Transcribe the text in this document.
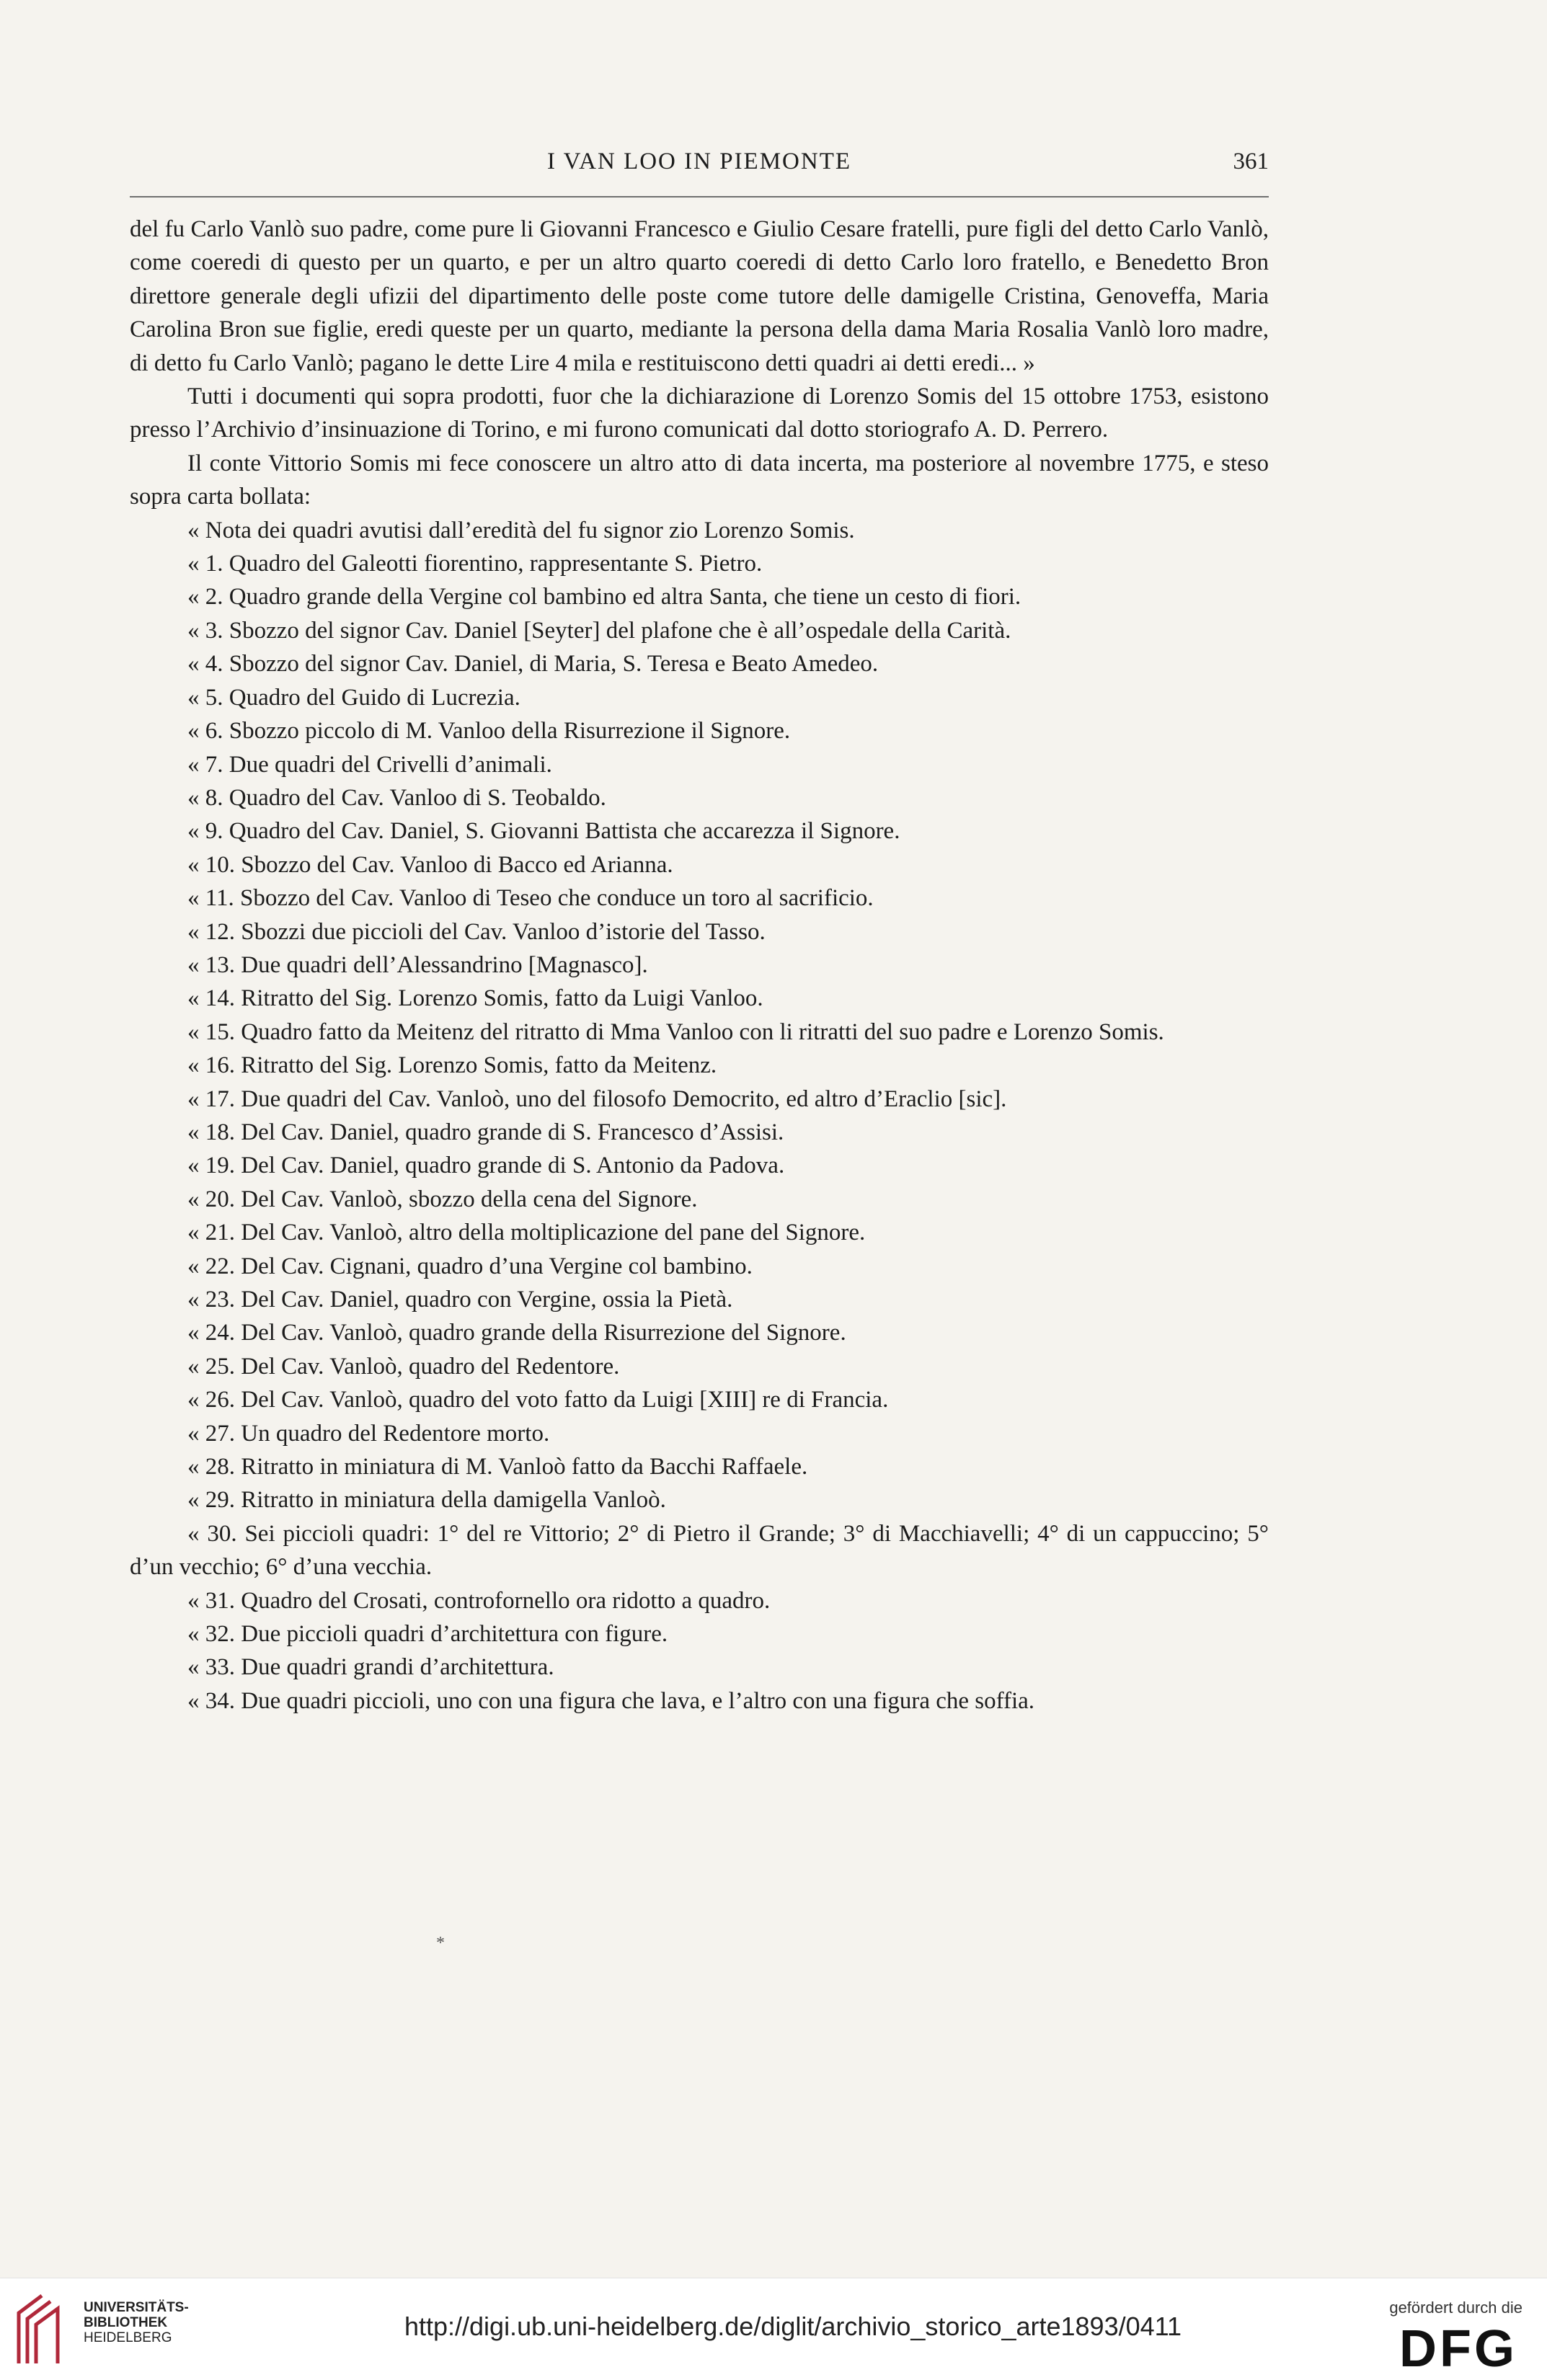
I VAN LOO IN PIEMONTE	361

del fu Carlo Vanlò suo padre, come pure li Giovanni Francesco e Giulio Cesare fratelli, pure figli del detto Carlo Vanlò, come coeredi di questo per un quarto, e per un altro quarto coeredi di detto Carlo loro fratello, e Benedetto Bron direttore generale degli ufizii del dipartimento delle poste come tutore delle damigelle Cristina, Genoveffa, Maria Carolina Bron sue figlie, eredi queste per un quarto, mediante la persona della dama Maria Rosalia Vanlò loro madre, di detto fu Carlo Vanlò; pagano le dette Lire 4 mila e restituiscono detti quadri ai detti eredi... »

Tutti i documenti qui sopra prodotti, fuor che la dichiarazione di Lorenzo Somis del 15 ottobre 1753, esistono presso l’Archivio d’insinuazione di Torino, e mi furono comunicati dal dotto storiografo A. D. Perrero.

Il conte Vittorio Somis mi fece conoscere un altro atto di data incerta, ma posteriore al novembre 1775, e steso sopra carta bollata:

« Nota dei quadri avutisi dall’eredità del fu signor zio Lorenzo Somis.

« 1. Quadro del Galeotti fiorentino, rappresentante S. Pietro.
« 2. Quadro grande della Vergine col bambino ed altra Santa, che tiene un cesto di fiori.
« 3. Sbozzo del signor Cav. Daniel [Seyter] del plafone che è all’ospedale della Carità.
« 4. Sbozzo del signor Cav. Daniel, di Maria, S. Teresa e Beato Amedeo.
« 5. Quadro del Guido di Lucrezia.
« 6. Sbozzo piccolo di M. Vanloo della Risurrezione il Signore.
« 7. Due quadri del Crivelli d’animali.
« 8. Quadro del Cav. Vanloo di S. Teobaldo.
« 9. Quadro del Cav. Daniel, S. Giovanni Battista che accarezza il Signore.
« 10. Sbozzo del Cav. Vanloo di Bacco ed Arianna.
« 11. Sbozzo del Cav. Vanloo di Teseo che conduce un toro al sacrificio.
« 12. Sbozzi due piccioli del Cav. Vanloo d’istorie del Tasso.
« 13. Due quadri dell’Alessandrino [Magnasco].
« 14. Ritratto del Sig. Lorenzo Somis, fatto da Luigi Vanloo.
« 15. Quadro fatto da Meitenz del ritratto di Mma Vanloo con li ritratti del suo padre e Lorenzo Somis.
« 16. Ritratto del Sig. Lorenzo Somis, fatto da Meitenz.
« 17. Due quadri del Cav. Vanloò, uno del filosofo Democrito, ed altro d’Eraclio [sic].
« 18. Del Cav. Daniel, quadro grande di S. Francesco d’Assisi.
« 19. Del Cav. Daniel, quadro grande di S. Antonio da Padova.
« 20. Del Cav. Vanloò, sbozzo della cena del Signore.
« 21. Del Cav. Vanloò, altro della moltiplicazione del pane del Signore.
« 22. Del Cav. Cignani, quadro d’una Vergine col bambino.
« 23. Del Cav. Daniel, quadro con Vergine, ossia la Pietà.
« 24. Del Cav. Vanloò, quadro grande della Risurrezione del Signore.
« 25. Del Cav. Vanloò, quadro del Redentore.
« 26. Del Cav. Vanloò, quadro del voto fatto da Luigi [XIII] re di Francia.
« 27. Un quadro del Redentore morto.
« 28. Ritratto in miniatura di M. Vanloò fatto da Bacchi Raffaele.
« 29. Ritratto in miniatura della damigella Vanloò.
« 30. Sei piccioli quadri: 1° del re Vittorio; 2° di Pietro il Grande; 3° di Macchiavelli; 4° di un cappuccino; 5° d’un vecchio; 6° d’una vecchia.
« 31. Quadro del Crosati, controfornello ora ridotto a quadro.
« 32. Due piccioli quadri d’architettura con figure.
« 33. Due quadri grandi d’architettura.
« 34. Due quadri piccioli, uno con una figura che lava, e l’altro con una figura che soffia.
*
UNIVERSITÄTS-
BIBLIOTHEK
HEIDELBERG	http://digi.ub.uni-heidelberg.de/diglit/archivio_storico_arte1893/0411
gefördert durch die
DFG
